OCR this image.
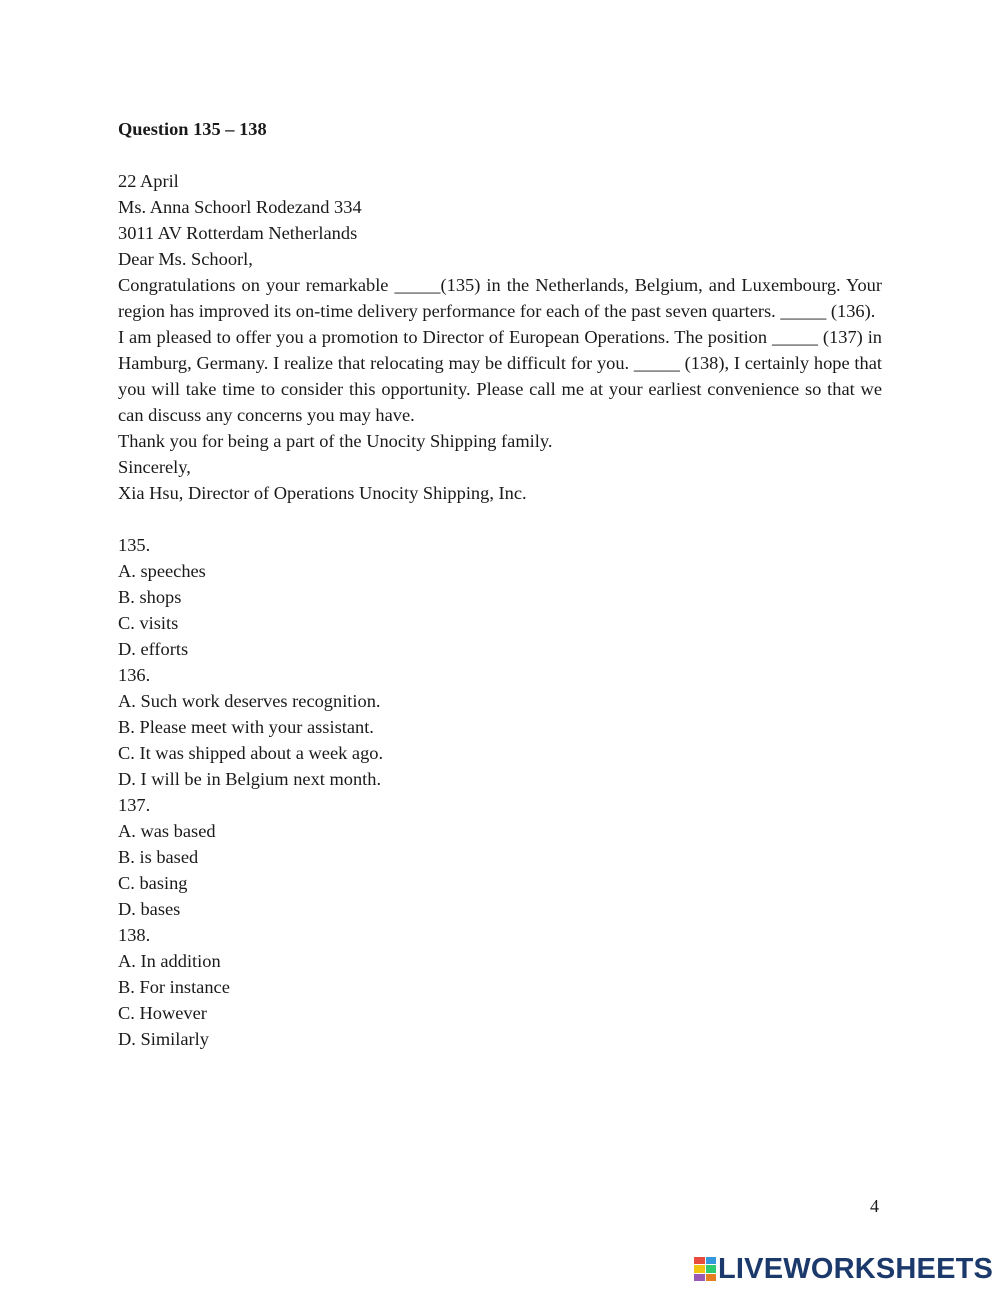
Question 135 – 138

22 April

Ms. Anna Schoorl Rodezand 334

3011 AV Rotterdam Netherlands

Dear Ms. Schoorl,

Congratulations on your remarkable _____(135) in the Netherlands, Belgium, and Luxembourg. Your region has improved its on-time delivery performance for each of the past seven quarters. _____ (136).

I am pleased to offer you a promotion to Director of European Operations. The position _____ (137) in Hamburg, Germany. I realize that relocating may be difficult for you. _____ (138), I certainly hope that you will take time to consider this opportunity. Please call me at your earliest convenience so that we can discuss any concerns you may have.

Thank you for being a part of the Unocity Shipping family.

Sincerely,

Xia Hsu, Director of Operations Unocity Shipping, Inc.

135.

A. speeches

B. shops

C. visits

D. efforts

136.

A. Such work deserves recognition.

B. Please meet with your assistant.

C. It was shipped about a week ago.

D. I will be in Belgium next month.

137.

A. was based

B. is based

C. basing

D. bases

138.

A. In addition

B. For instance

C. However

D. Similarly

4
LIVEWORKSHEETS
